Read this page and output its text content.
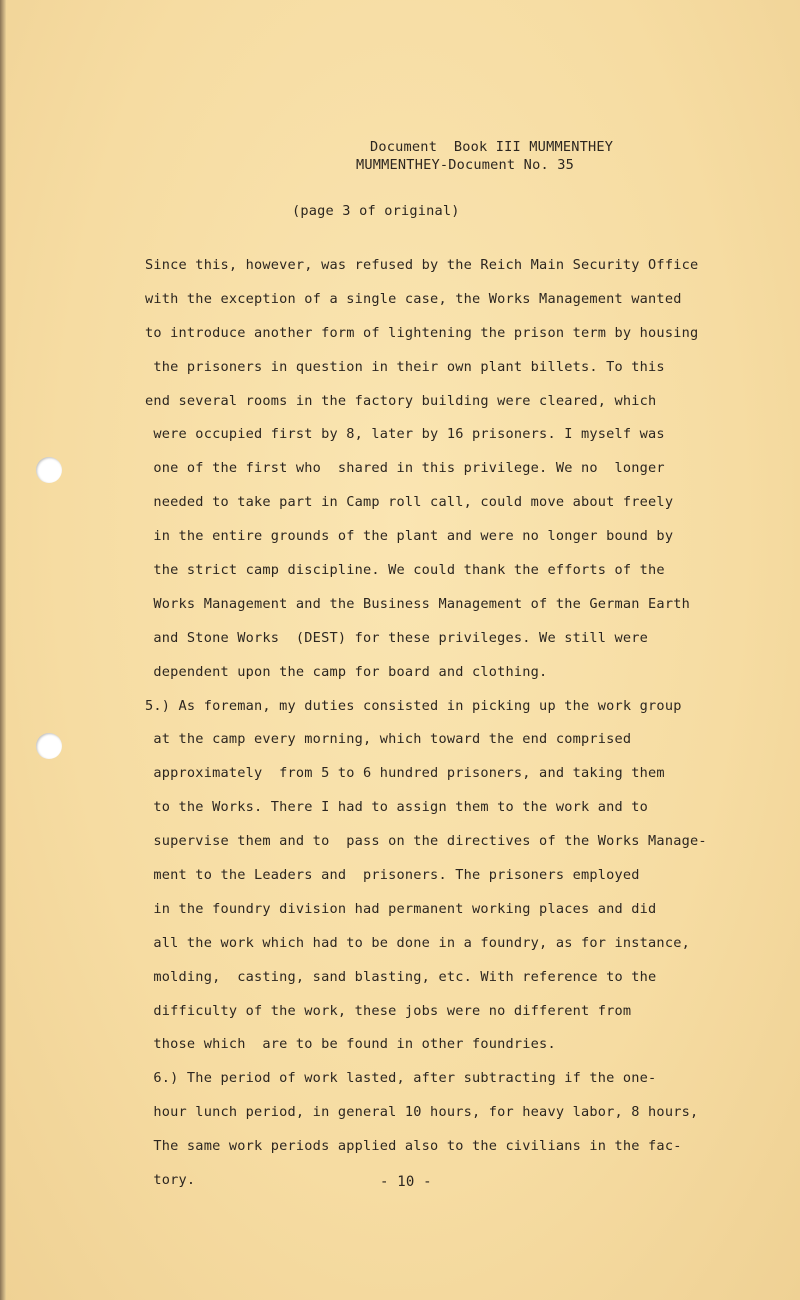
Document  Book III MUMMENTHEY
MUMMENTHEY-Document No. 35
(page 3 of original)
Since this, however, was refused by the Reich Main Security Office
with the exception of a single case, the Works Management wanted
to introduce another form of lightening the prison term by housing
the prisoners in question in their own plant billets. To this
end several rooms in the factory building were cleared, which
were occupied first by 8, later by 16 prisoners. I myself was
one of the first who  shared in this privilege. We no  longer
needed to take part in Camp roll call, could move about freely
in the entire grounds of the plant and were no longer bound by
the strict camp discipline. We could thank the efforts of the
Works Management and the Business Management of the German Earth
and Stone Works  (DEST) for these privileges. We still were
dependent upon the camp for board and clothing.
5.) As foreman, my duties consisted in picking up the work group
at the camp every morning, which toward the end comprised
approximately  from 5 to 6 hundred prisoners, and taking them
to the Works. There I had to assign them to the work and to
supervise them and to  pass on the directives of the Works Manage-
ment to the Leaders and  prisoners. The prisoners employed
in the foundry division had permanent working places and did
all the work which had to be done in a foundry, as for instance,
molding,  casting, sand blasting, etc. With reference to the
difficulty of the work, these jobs were no different from
those which  are to be found in other foundries.
6.) The period of work lasted, after subtracting if the one-
hour lunch period, in general 10 hours, for heavy labor, 8 hours,
The same work periods applied also to the civilians in the fac-
tory.	- 10 -
